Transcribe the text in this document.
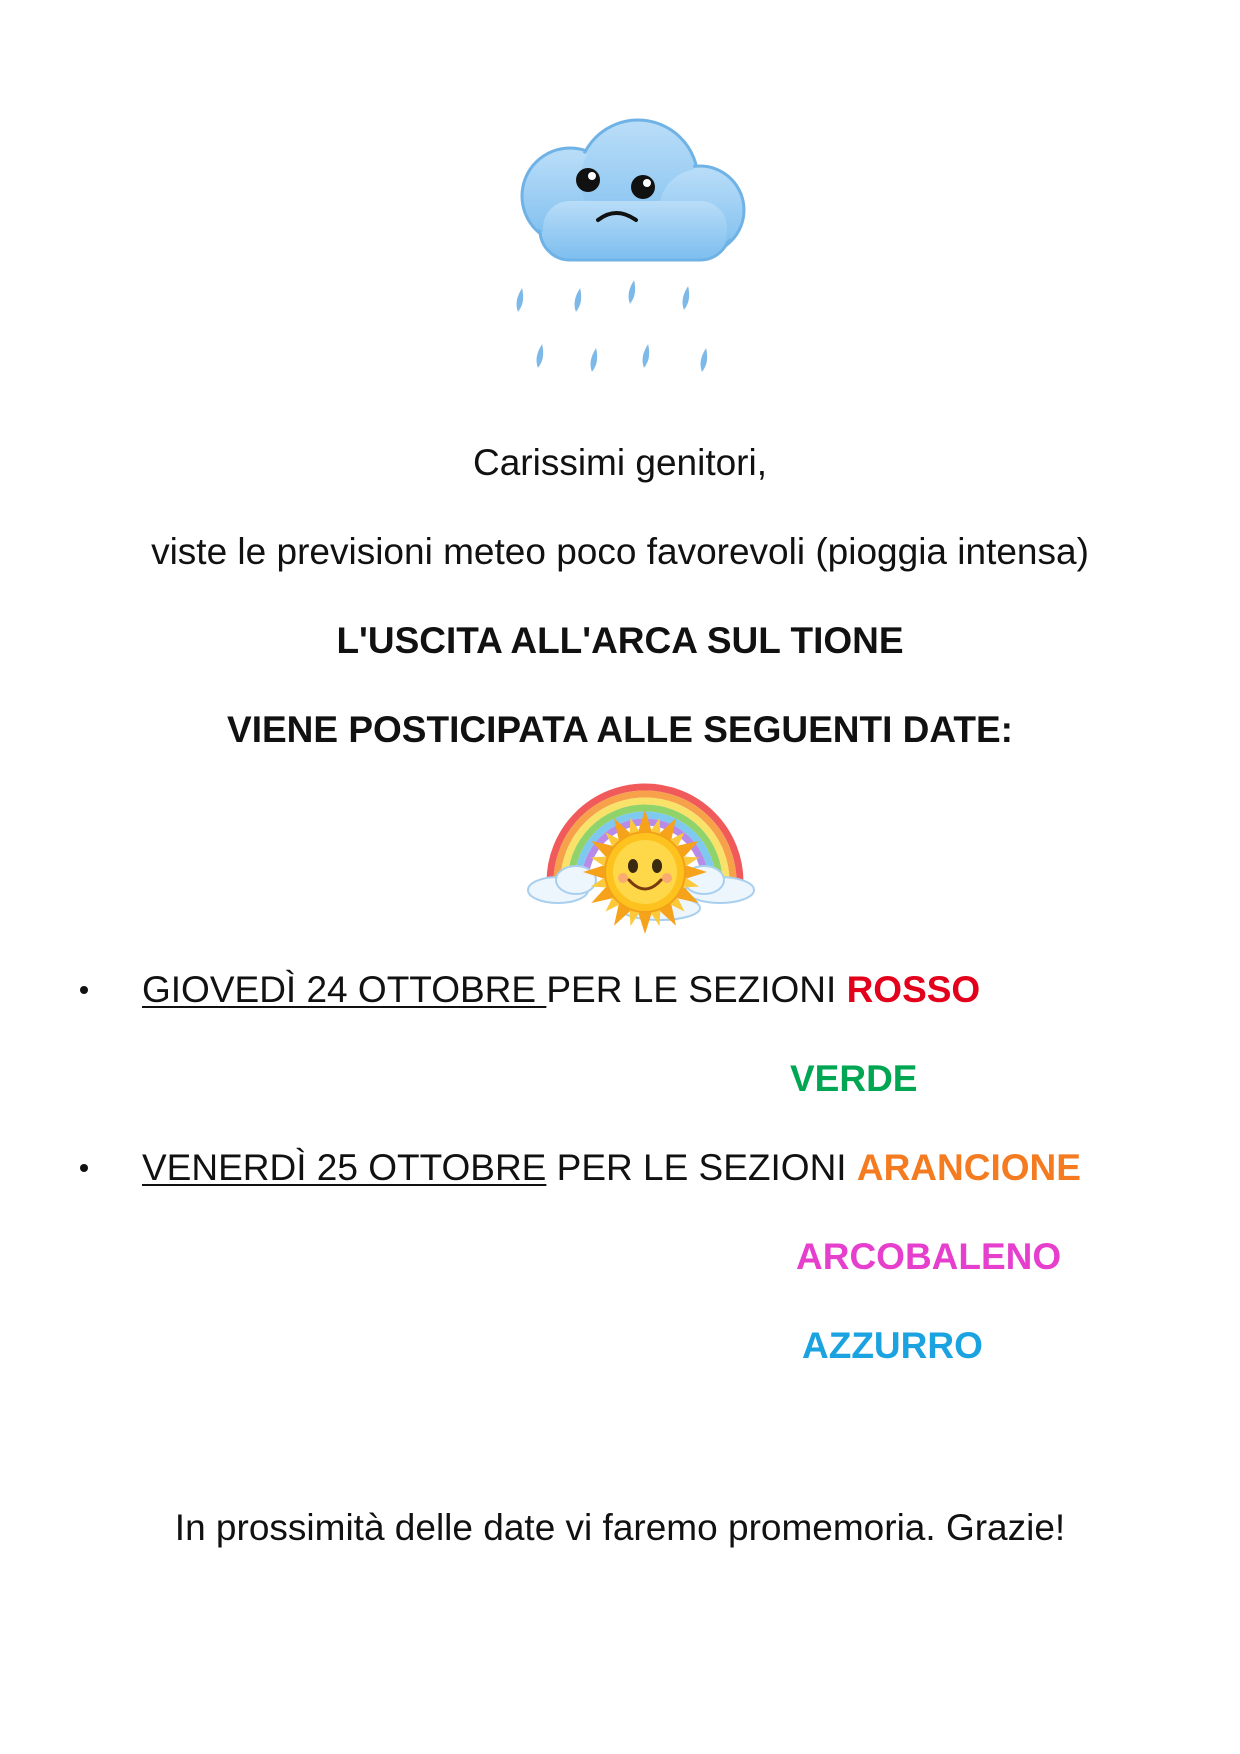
Carissimi genitori,
viste le previsioni meteo poco favorevoli (pioggia intensa)
L'USCITA ALL'ARCA SUL TIONE
VIENE POSTICIPATA ALLE SEGUENTI DATE:
GIOVEDÌ 24 OTTOBRE PER LE SEZIONI ROSSO
VERDE
VENERDÌ 25 OTTOBRE PER LE SEZIONI ARANCIONE
ARCOBALENO
AZZURRO
In prossimità delle date vi faremo promemoria. Grazie!
